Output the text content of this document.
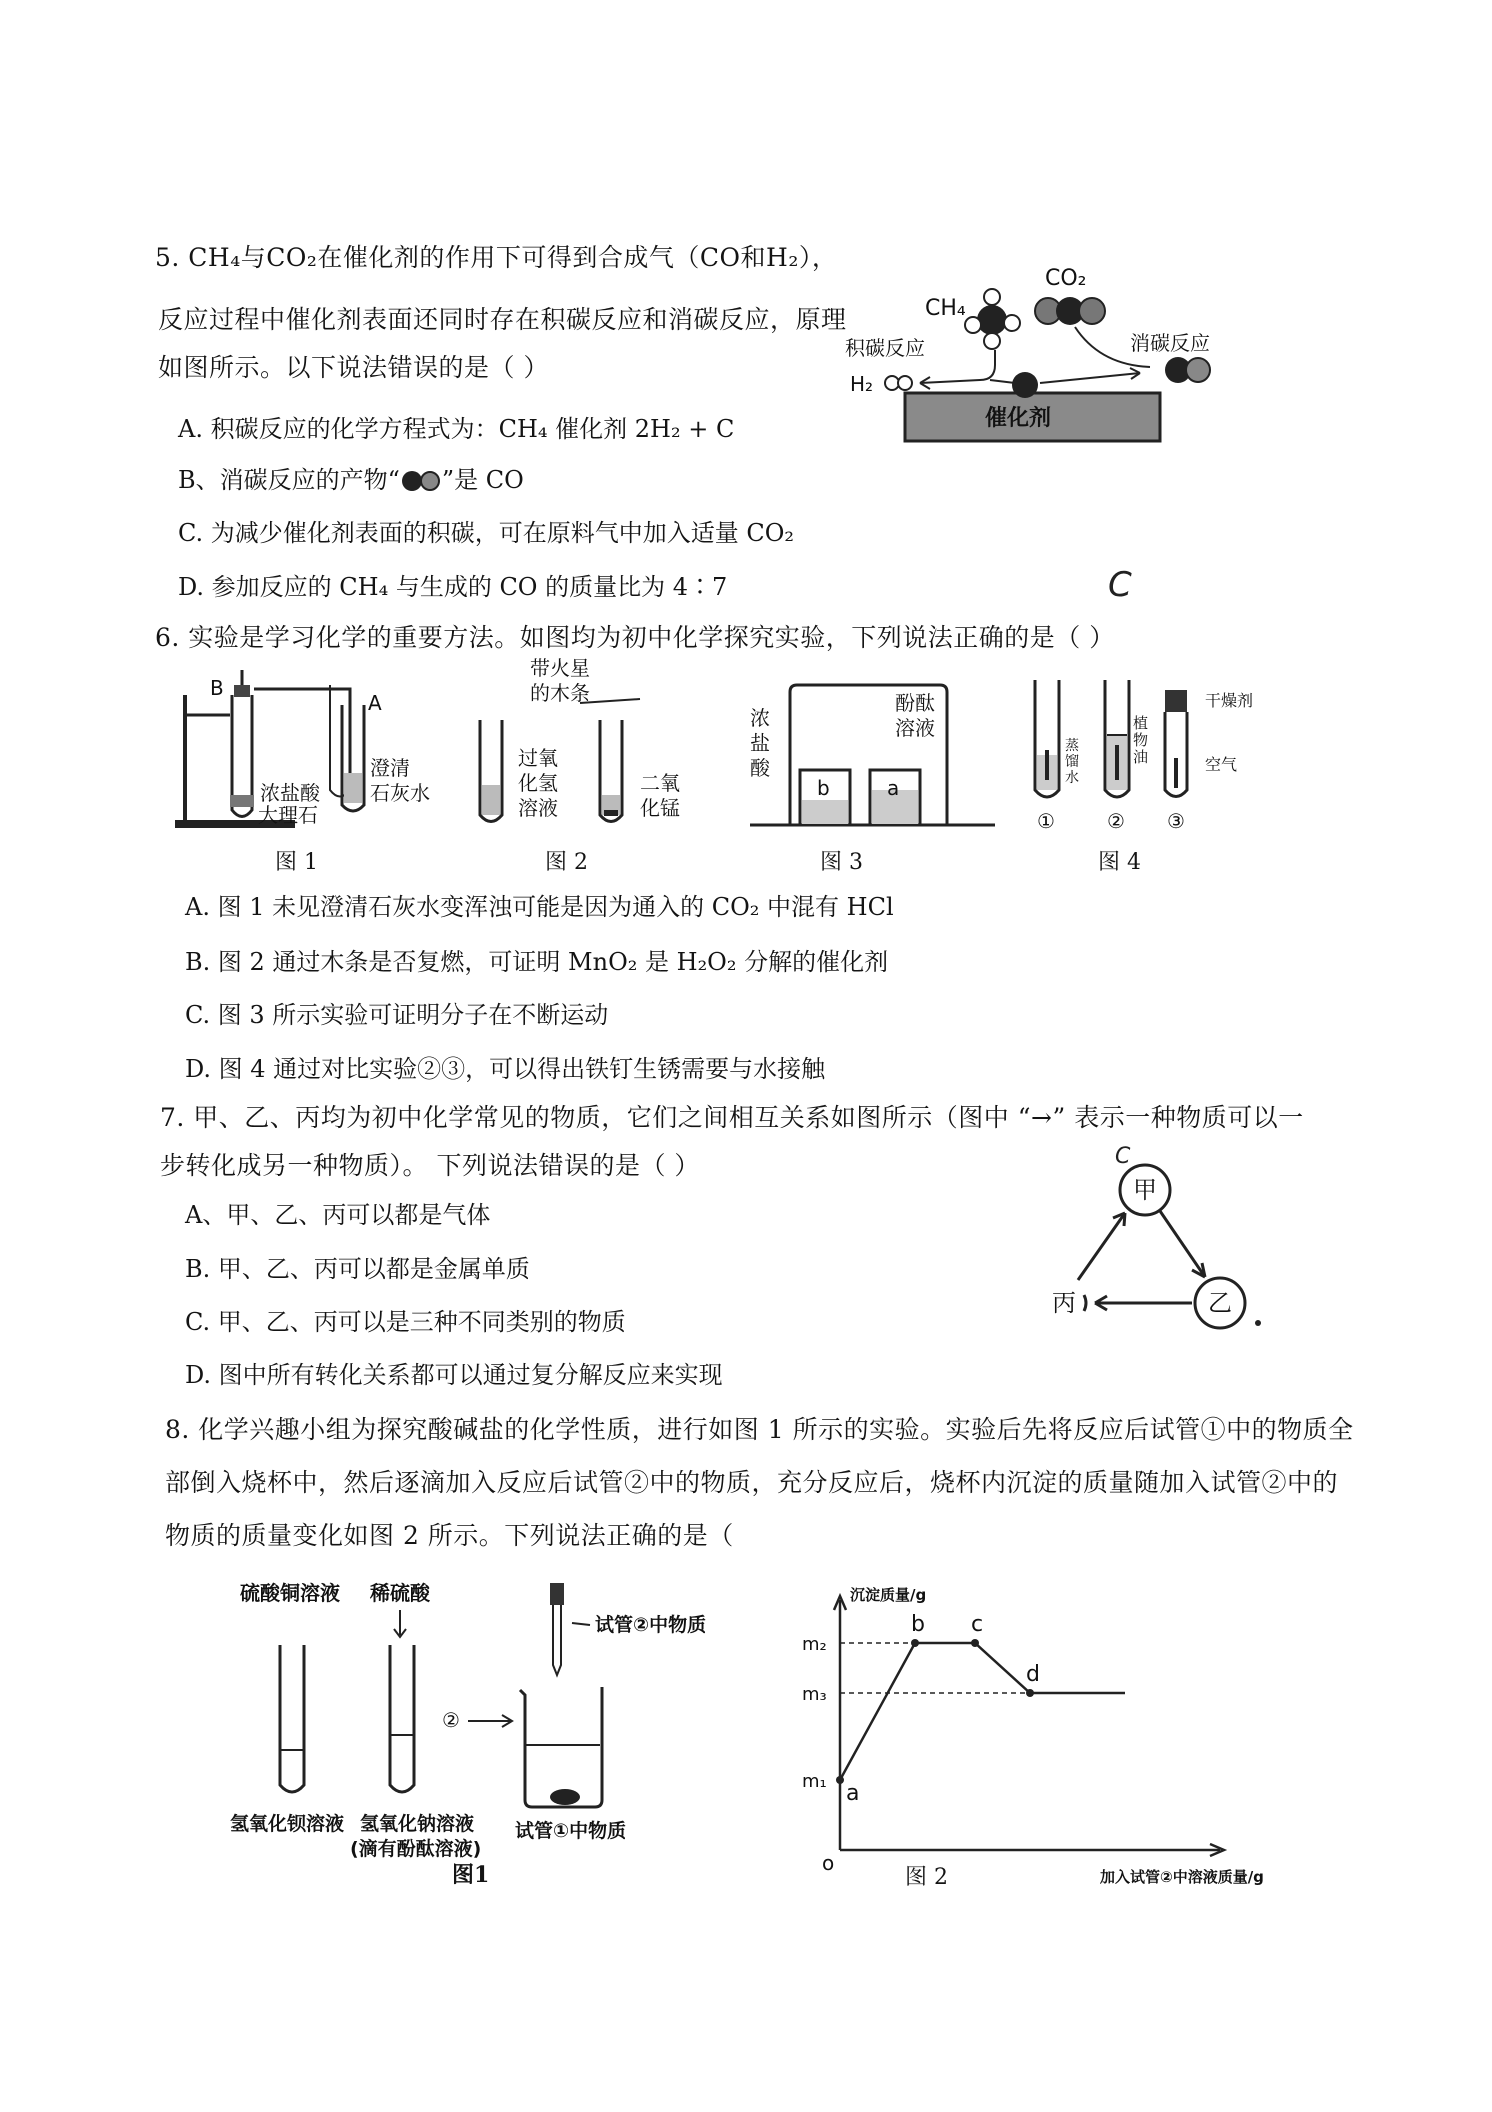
5. CH₄与CO₂在催化剂的作用下可得到合成气（CO和H₂），
反应过程中催化剂表面还同时存在积碳反应和消碳反应，原理
如图所示。以下说法错误的是（ ）
催化剂
CH₄
CO₂
积碳反应
H₂
消碳反应
A. 积碳反应的化学方程式为：CH₄ 催化剂 2H₂ + C
B、消碳反应的产物“ ”是 CO
C. 为减少催化剂表面的积碳，可在原料气中加入适量 CO₂
D. 参加反应的 CH₄ 与生成的 CO 的质量比为 4∶7	C
6. 实验是学习化学的重要方法。如图均为初中化学探究实验，下列说法正确的是（ ）
B
A
浓盐酸
大理石
澄清
石灰水
图 1
带火星
的木条
过氧
化氢
溶液
二氧
化锰
图 2
b	a
浓
盐
酸
酚酞
溶液
图 3
干燥剂
植
物
油
蒸
馏
水
空气
①	② ③
图 4
A. 图 1 未见澄清石灰水变浑浊可能是因为通入的 CO₂ 中混有 HCl
B. 图 2 通过木条是否复燃，可证明 MnO₂ 是 H₂O₂ 分解的催化剂
C. 图 3 所示实验可证明分子在不断运动
D. 图 4 通过对比实验②③，可以得出铁钉生锈需要与水接触
7. 甲、乙、丙均为初中化学常见的物质，它们之间相互关系如图所示（图中 “→” 表示一种物质可以一
步转化成另一种物质）。 下列说法错误的是（ ）
甲
乙
丙
C
A、甲、乙、丙可以都是气体
B. 甲、乙、丙可以都是金属单质
C. 甲、乙、丙可以是三种不同类别的物质
D. 图中所有转化关系都可以通过复分解反应来实现
8. 化学兴趣小组为探究酸碱盐的化学性质，进行如图 1 所示的实验。实验后先将反应后试管①中的物质全
部倒入烧杯中，然后逐滴加入反应后试管②中的物质，充分反应后，烧杯内沉淀的质量随加入试管②中的
物质的质量变化如图 2 所示。下列说法正确的是（
硫酸铜溶液 稀硫酸
氢氧化钡溶液 氢氧化钠溶液
(滴有酚酞溶液)
②
试管②中物质
试管①中物质
图1
沉淀质量/g
加入试管②中溶液质量/g
o
m₁
m₂
m₃
a
b c
d
图 2
